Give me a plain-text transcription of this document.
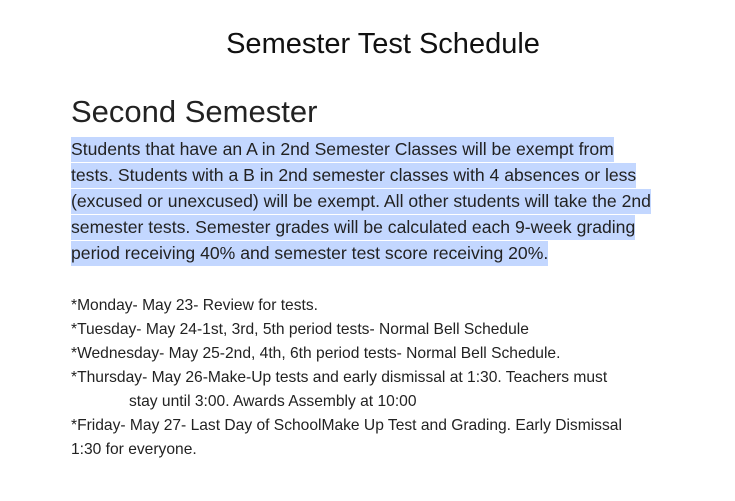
Semester Test Schedule
Second Semester

Students that have an A in 2nd Semester Classes will be exempt from
tests. Students with a B in 2nd semester classes with 4 absences or less
(excused or unexcused) will be exempt. All other students will take the 2nd
semester tests. Semester grades will be calculated each 9-week grading
period receiving 40% and semester test score receiving 20%.

*Monday- May 23- Review for tests.
*Tuesday- May 24-1st, 3rd, 5th period tests- Normal Bell Schedule
*Wednesday- May 25-2nd, 4th, 6th period tests- Normal Bell Schedule.
*Thursday- May 26-Make-Up tests and early dismissal at 1:30. Teachers must
stay until 3:00. Awards Assembly at 10:00
*Friday- May 27- Last Day of SchoolMake Up Test and Grading. Early Dismissal
1:30 for everyone.
